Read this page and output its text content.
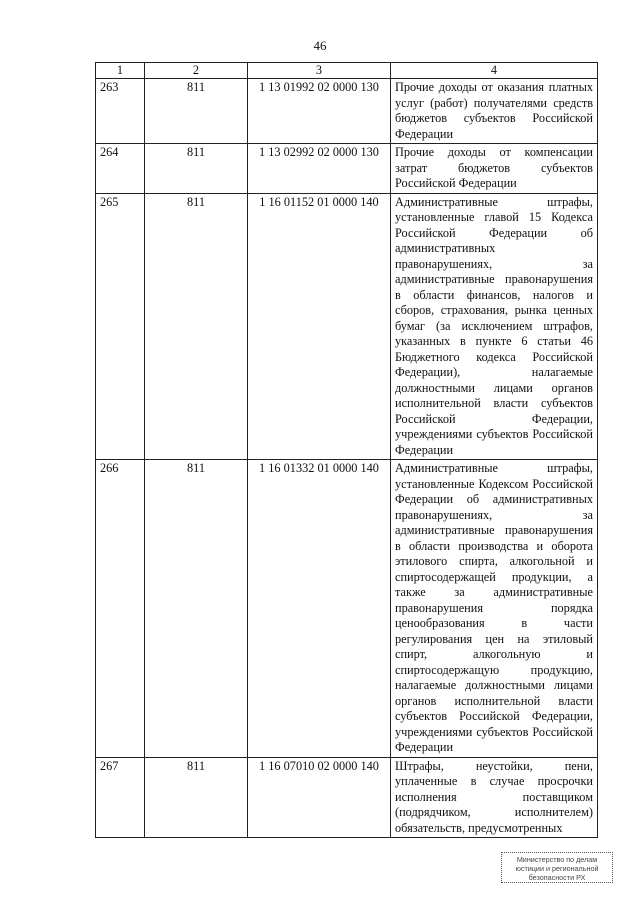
46
1	2	3	4
263	811	1 13 01992 02 0000 130	Прочие доходы от оказания платных услуг (работ) получателями средств бюджетов субъектов Российской Федерации
264	811	1 13 02992 02 0000 130	Прочие доходы от компенсации затрат бюджетов субъектов Российской Федерации
265	811	1 16 01152 01 0000 140	Административные штрафы, установленные главой 15 Кодекса Российской Федерации об административных правонарушениях, за административные правонарушения в области финансов, налогов и сборов, страхования, рынка ценных бумаг (за исключением штрафов, указанных в пункте 6 статьи 46 Бюджетного кодекса Российской Федерации), налагаемые должностными лицами органов исполнительной власти субъектов Российской Федерации, учреждениями субъектов Российской Федерации
266	811	1 16 01332 01 0000 140	Административные штрафы, установленные Кодексом Российской Федерации об административных правонарушениях, за административные правонарушения в области производства и оборота этилового спирта, алкогольной и спиртосодержащей продукции, а также за административные правонарушения порядка ценообразования в части регулирования цен на этиловый спирт, алкогольную и спиртосодержащую продукцию, налагаемые должностными лицами органов исполнительной власти субъектов Российской Федерации, учреждениями субъектов Российской Федерации
267	811	1 16 07010 02 0000 140	Штрафы, неустойки, пени, уплаченные в случае просрочки исполнения поставщиком (подрядчиком, исполнителем) обязательств, предусмотренных
Министерство по делам
юстиции и региональной
безопасности РХ
